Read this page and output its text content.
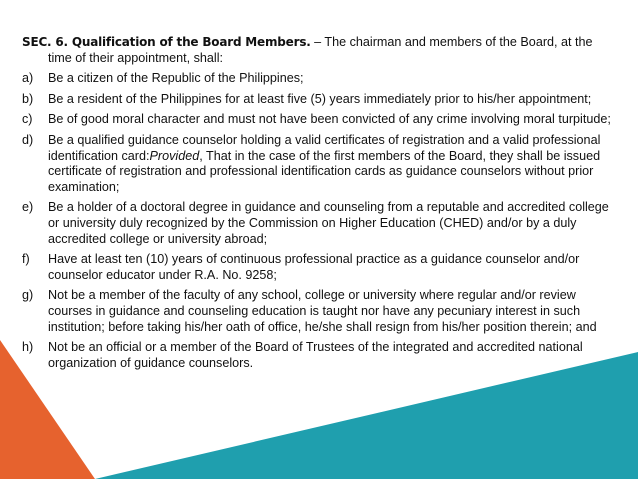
SEC. 6. Qualification of the Board Members. – The chairman and members of the Board, at the
time of their appointment, shall:
a) Be a citizen of the Republic of the Philippines;
b) Be a resident of the Philippines for at least five (5) years immediately prior to his/her appointment;
c) Be of good moral character and must not have been convicted of any crime involving moral turpitude;
d) Be a qualified guidance counselor holding a valid certificates of registration and a valid professional identification card:Provided, That in the case of the first members of the Board, they shall be issued certificate of registration and professional identification cards as guidance counselors without prior examination;
e) Be a holder of a doctoral degree in guidance and counseling from a reputable and accredited college or university duly recognized by the Commission on Higher Education (CHED) and/or by a duly accredited college or university abroad;
f) Have at least ten (10) years of continuous professional practice as a guidance counselor and/or counselor educator under R.A. No. 9258;
g) Not be a member of the faculty of any school, college or university where regular and/or review courses in guidance and counseling education is taught nor have any pecuniary interest in such institution; before taking his/her oath of office, he/she shall resign from his/her position therein; and
h) Not be an official or a member of the Board of Trustees of the integrated and accredited national organization of guidance counselors.
